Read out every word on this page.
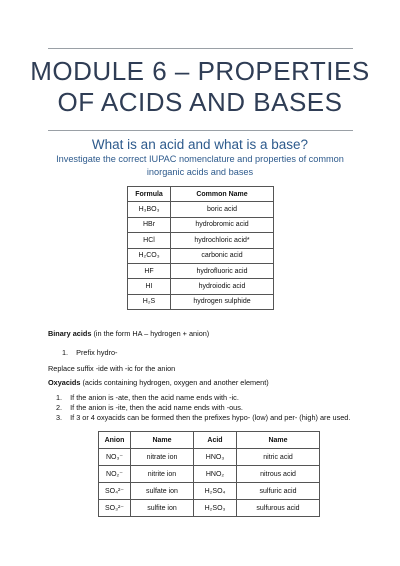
MODULE 6 – PROPERTIES
OF ACIDS AND BASES
What is an acid and what is a base?
Investigate the correct IUPAC nomenclature and properties of common inorganic acids and bases
Formula	Common Name
H₃BO₃	boric acid
HBr	hydrobromic acid
HCl	hydrochloric acid*
H₂CO₃	carbonic acid
HF	hydrofluoric acid
HI	hydroiodic acid
H₂S	hydrogen sulphide
Binary acids (in the form HA – hydrogen + anion)
1. Prefix hydro-
Replace suffix -ide with -ic for the anion
Oxyacids (acids containing hydrogen, oxygen and another element)
1. If the anion is -ate, then the acid name ends with -ic.
2. If the anion is -ite, then the acid name ends with -ous.
3. If 3 or 4 oxyacids can be formed then the prefixes hypo- (low) and per- (high) are used.
Anion	Name	Acid	Name
NO₃⁻	nitrate ion	HNO₃	nitric acid
NO₂⁻	nitrite ion	HNO₂	nitrous acid
SO₄²⁻	sulfate ion	H₂SO₄	sulfuric acid
SO₃²⁻	sulfite ion	H₂SO₃	sulfurous acid
